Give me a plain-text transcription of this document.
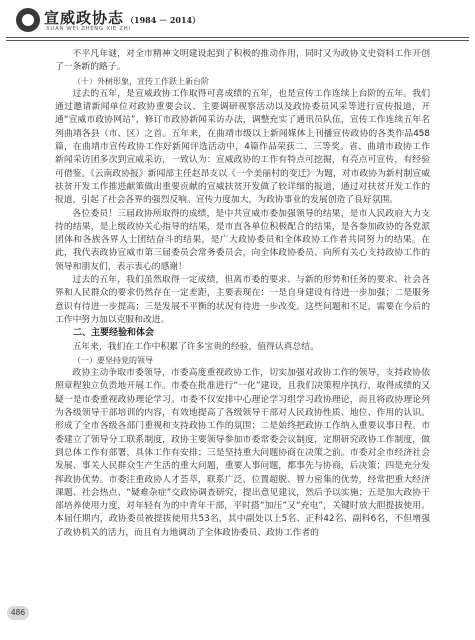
宣威政协志 （1984 － 2014）
XUAN WEI ZHENG XIE ZHI

不平凡年谜，对全市精神文明建设起到了积极的推动作用，同时又为政协文史资料工作开创了一条新的路子。

（十）外树形象，宣传工作跃上新台阶

过去的五年，是宣威政协工作取得可喜成绩的五年，也是宣传工作连续上台阶的五年。我们通过邀请新闻单位对政协重要会议、主要调研视察活动以及政协委员风采等进行宣传报道，开通“宣威市政协网站”，修订市政协新闻采访办法，调整充实了通讯员队伍，宣传工作连续五年名列曲靖各县（市、区）之首。五年来，在曲靖市级以上新闻媒体上刊播宣传政协的各类作品458篇，在曲靖市宣传政协工作好新闻评选活动中，4篇作品荣获二、三等奖。省、曲靖市政协工作新闻采访团多次到宣威采访，一致认为：宣威政协的工作有特点可挖掘，有亮点可宣传，有经验可借鉴。《云南政协报》新闻部主任赵昂支以《一个美丽村的变迁》为题，对市政协为新村制宣威扶贫开发工作推进献策做出重要贡献的宣威扶贫开发做了较详细的报道，通过对扶贫开发工作的报道，引起了社会各界的强烈反响。宣传力度加大，为政协事业的发展创造了良好氛围。

各位委员！三届政协所取得的成绩，是中共宣威市委加强领导的结果，是市人民政府大力支持的结果，是上级政协关心指导的结果，是市直各单位积极配合的结果，是各参加政协的各党派团体和各族各界人士团结奋斗的结果，是广大政协委员和全体政协工作者共同努力的结果。在此，我代表政协宣威市第三届委员会常务委员会，向全体政协委员、向所有关心支持政协工作的领导和朋友们，表示衷心的感谢！

过去的五年，我们虽然取得一定成绩，但离市委的要求、与新的形势和任务的要求、社会各界和人民群众的要求仍然存在一定差距，主要表现在：一是自身建设有待进一步加强；二是服务意识有待进一步提高；三是发展不平衡的状况有待进一步改变。这些问题和不足，需要在今后的工作中努力加以克服和改进。

二、主要经验和体会

五年来，我们在工作中积累了许多宝贵的经验，值得认真总结。

（一）要坚持党的领导

政协主动争取市委领导，市委高度重视政协工作，切实加强对政协工作的领导，支持政协依照章程独立负责地开展工作。市委在批准进行“一化”建设，且我们决策程序执行，取得成绩的又疑一是市委重视政协理论学习。市委不仅安排中心理论学习组学习政协理论，而且将政协理论列为各级领导干部培训的内容，有效地提高了各级领导干部对人民政协性质、地位、作用的认识。形成了全市各级各部门重视和支持政协工作的氛围；二是始终把政协工作纳入重要议事日程。市委建立了领导分工联系制度，政协主要领导参加市委常委会议制度，定期研究政协工作制度，做到总体工作有部署，具体工作有安排；三是坚持重大问题协商在决策之前。市委对全市经济社会发展、事关人民群众生产生活的重大问题，重要人事问题，都事先与协商，后决策；四是充分发挥政协优势。市委注重政协人才荟萃，联系广泛、位置超脱、智力密集的优势，经常把重大经济课题、社会热点、“疑难杂症”交政协调查研究，提出意见建议，然后予以实施；五是加大政协干部培养使用力度，对年轻有为的中青年干部，平时搭“加压”又“充电”，关键时放大胆提拔使用。本届任期内，政协委员被提拔使用共53名，其中副处以上5名、正科42名、副科6名，不但增强了政协机关的活力，而且有力地调动了全体政协委员、政协工作者的

486
